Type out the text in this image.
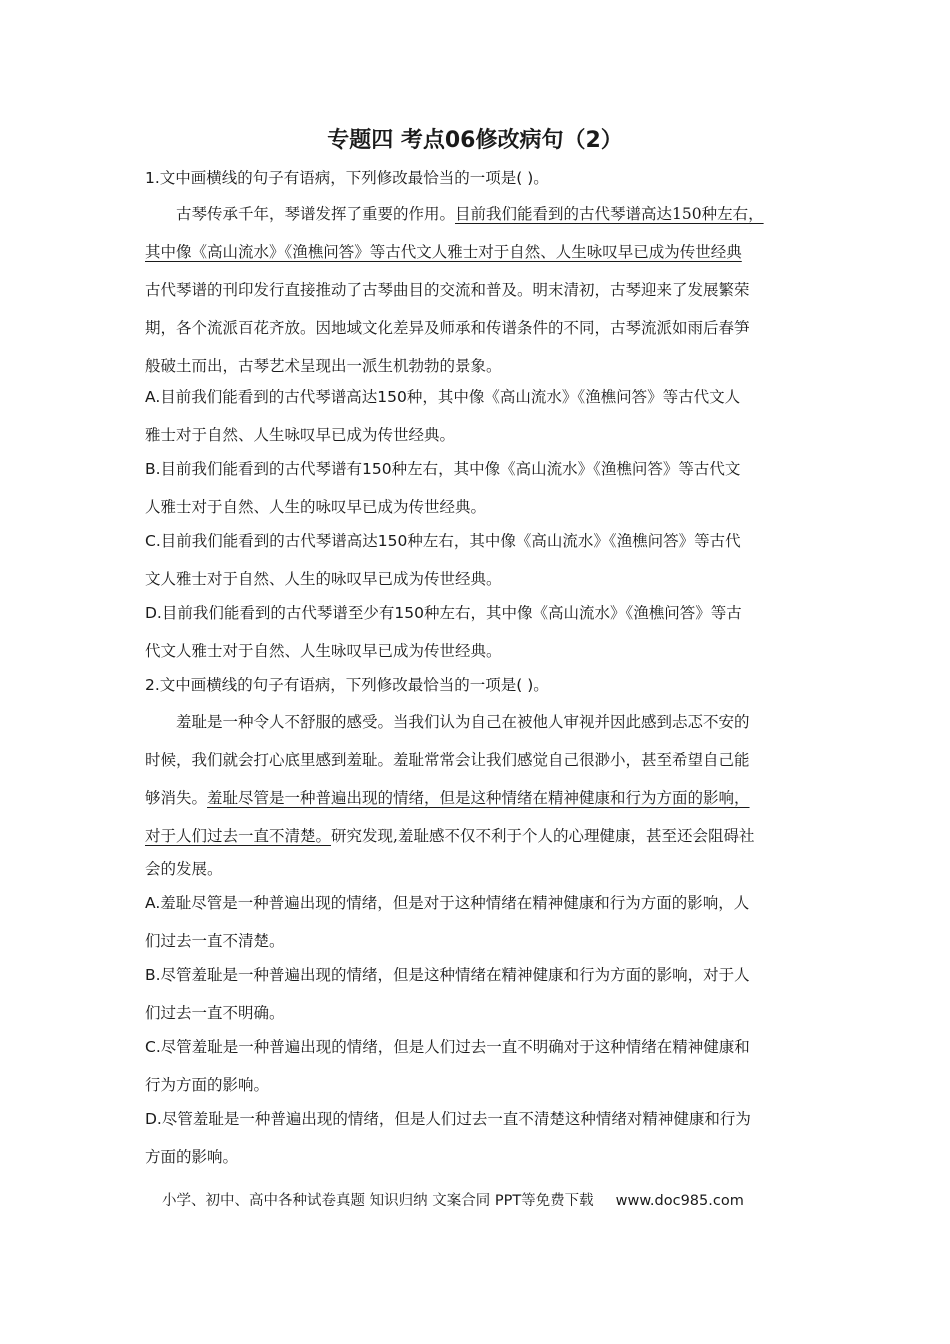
专题四 考点06修改病句（2）
1.文中画横线的句子有语病，下列修改最恰当的一项是( )。
古琴传承千年，琴谱发挥了重要的作用。目前我们能看到的古代琴谱高达150种左右，
其中像《高山流水》《渔樵问答》等古代文人雅士对于自然、人生咏叹早已成为传世经典
古代琴谱的刊印发行直接推动了古琴曲目的交流和普及。明末清初，古琴迎来了发展繁荣
期，各个流派百花齐放。因地域文化差异及师承和传谱条件的不同，古琴流派如雨后春笋
般破土而出，古琴艺术呈现出一派生机勃勃的景象。
A.目前我们能看到的古代琴谱高达150种，其中像《高山流水》《渔樵问答》等古代文人
雅士对于自然、人生咏叹早已成为传世经典。
B.目前我们能看到的古代琴谱有150种左右，其中像《高山流水》《渔樵问答》等古代文
人雅士对于自然、人生的咏叹早已成为传世经典。
C.目前我们能看到的古代琴谱高达150种左右，其中像《高山流水》《渔樵问答》等古代
文人雅士对于自然、人生的咏叹早已成为传世经典。
D.目前我们能看到的古代琴谱至少有150种左右，其中像《高山流水》《渔樵问答》等古
代文人雅士对于自然、人生咏叹早已成为传世经典。
2.文中画横线的句子有语病，下列修改最恰当的一项是( )。
羞耻是一种令人不舒服的感受。当我们认为自己在被他人审视并因此感到忐忑不安的
时候，我们就会打心底里感到羞耻。羞耻常常会让我们感觉自己很渺小，甚至希望自己能
够消失。羞耻尽管是一种普遍出现的情绪，但是这种情绪在精神健康和行为方面的影响，
对于人们过去一直不清楚。研究发现,羞耻感不仅不利于个人的心理健康，甚至还会阻碍社
会的发展。
A.羞耻尽管是一种普遍出现的情绪，但是对于这种情绪在精神健康和行为方面的影响，人
们过去一直不清楚。
B.尽管羞耻是一种普遍出现的情绪，但是这种情绪在精神健康和行为方面的影响，对于人
们过去一直不明确。
C.尽管羞耻是一种普遍出现的情绪，但是人们过去一直不明确对于这种情绪在精神健康和
行为方面的影响。
D.尽管羞耻是一种普遍出现的情绪，但是人们过去一直不清楚这种情绪对精神健康和行为
方面的影响。
小学、初中、高中各种试卷真题 知识归纳 文案合同 PPT等免费下载 www.doc985.com
